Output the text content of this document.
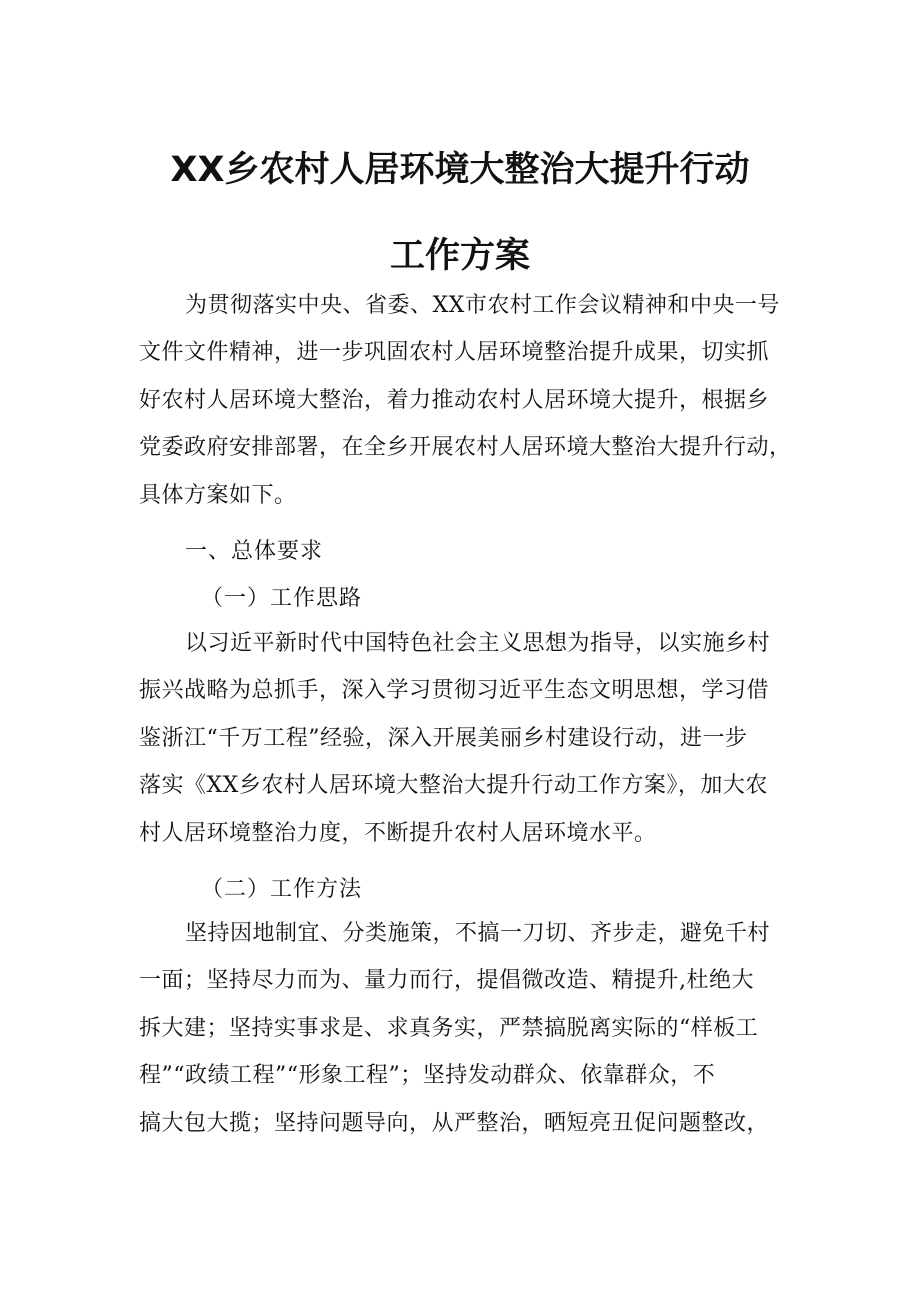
XX乡农村人居环境大整治大提升行动
工作方案
为贯彻落实中央、省委、XX市农村工作会议精神和中央一号
文件文件精神，进一步巩固农村人居环境整治提升成果，切实抓
好农村人居环境大整治，着力推动农村人居环境大提升，根据乡
党委政府安排部署，在全乡开展农村人居环境大整治大提升行动，
具体方案如下。
一、总体要求
（一）工作思路
以习近平新时代中国特色社会主义思想为指导，以实施乡村
振兴战略为总抓手，深入学习贯彻习近平生态文明思想，学习借
鉴浙江“千万工程”经验，深入开展美丽乡村建设行动，进一步
落实《XX乡农村人居环境大整治大提升行动工作方案》，加大农
村人居环境整治力度，不断提升农村人居环境水平。
（二）工作方法
坚持因地制宜、分类施策，不搞一刀切、齐步走，避免千村
一面；坚持尽力而为、量力而行，提倡微改造、精提升,杜绝大
拆大建；坚持实事求是、求真务实，严禁搞脱离实际的“样板工
程”“政绩工程”“形象工程”；坚持发动群众、依靠群众，不
搞大包大揽；坚持问题导向，从严整治，晒短亮丑促问题整改，
